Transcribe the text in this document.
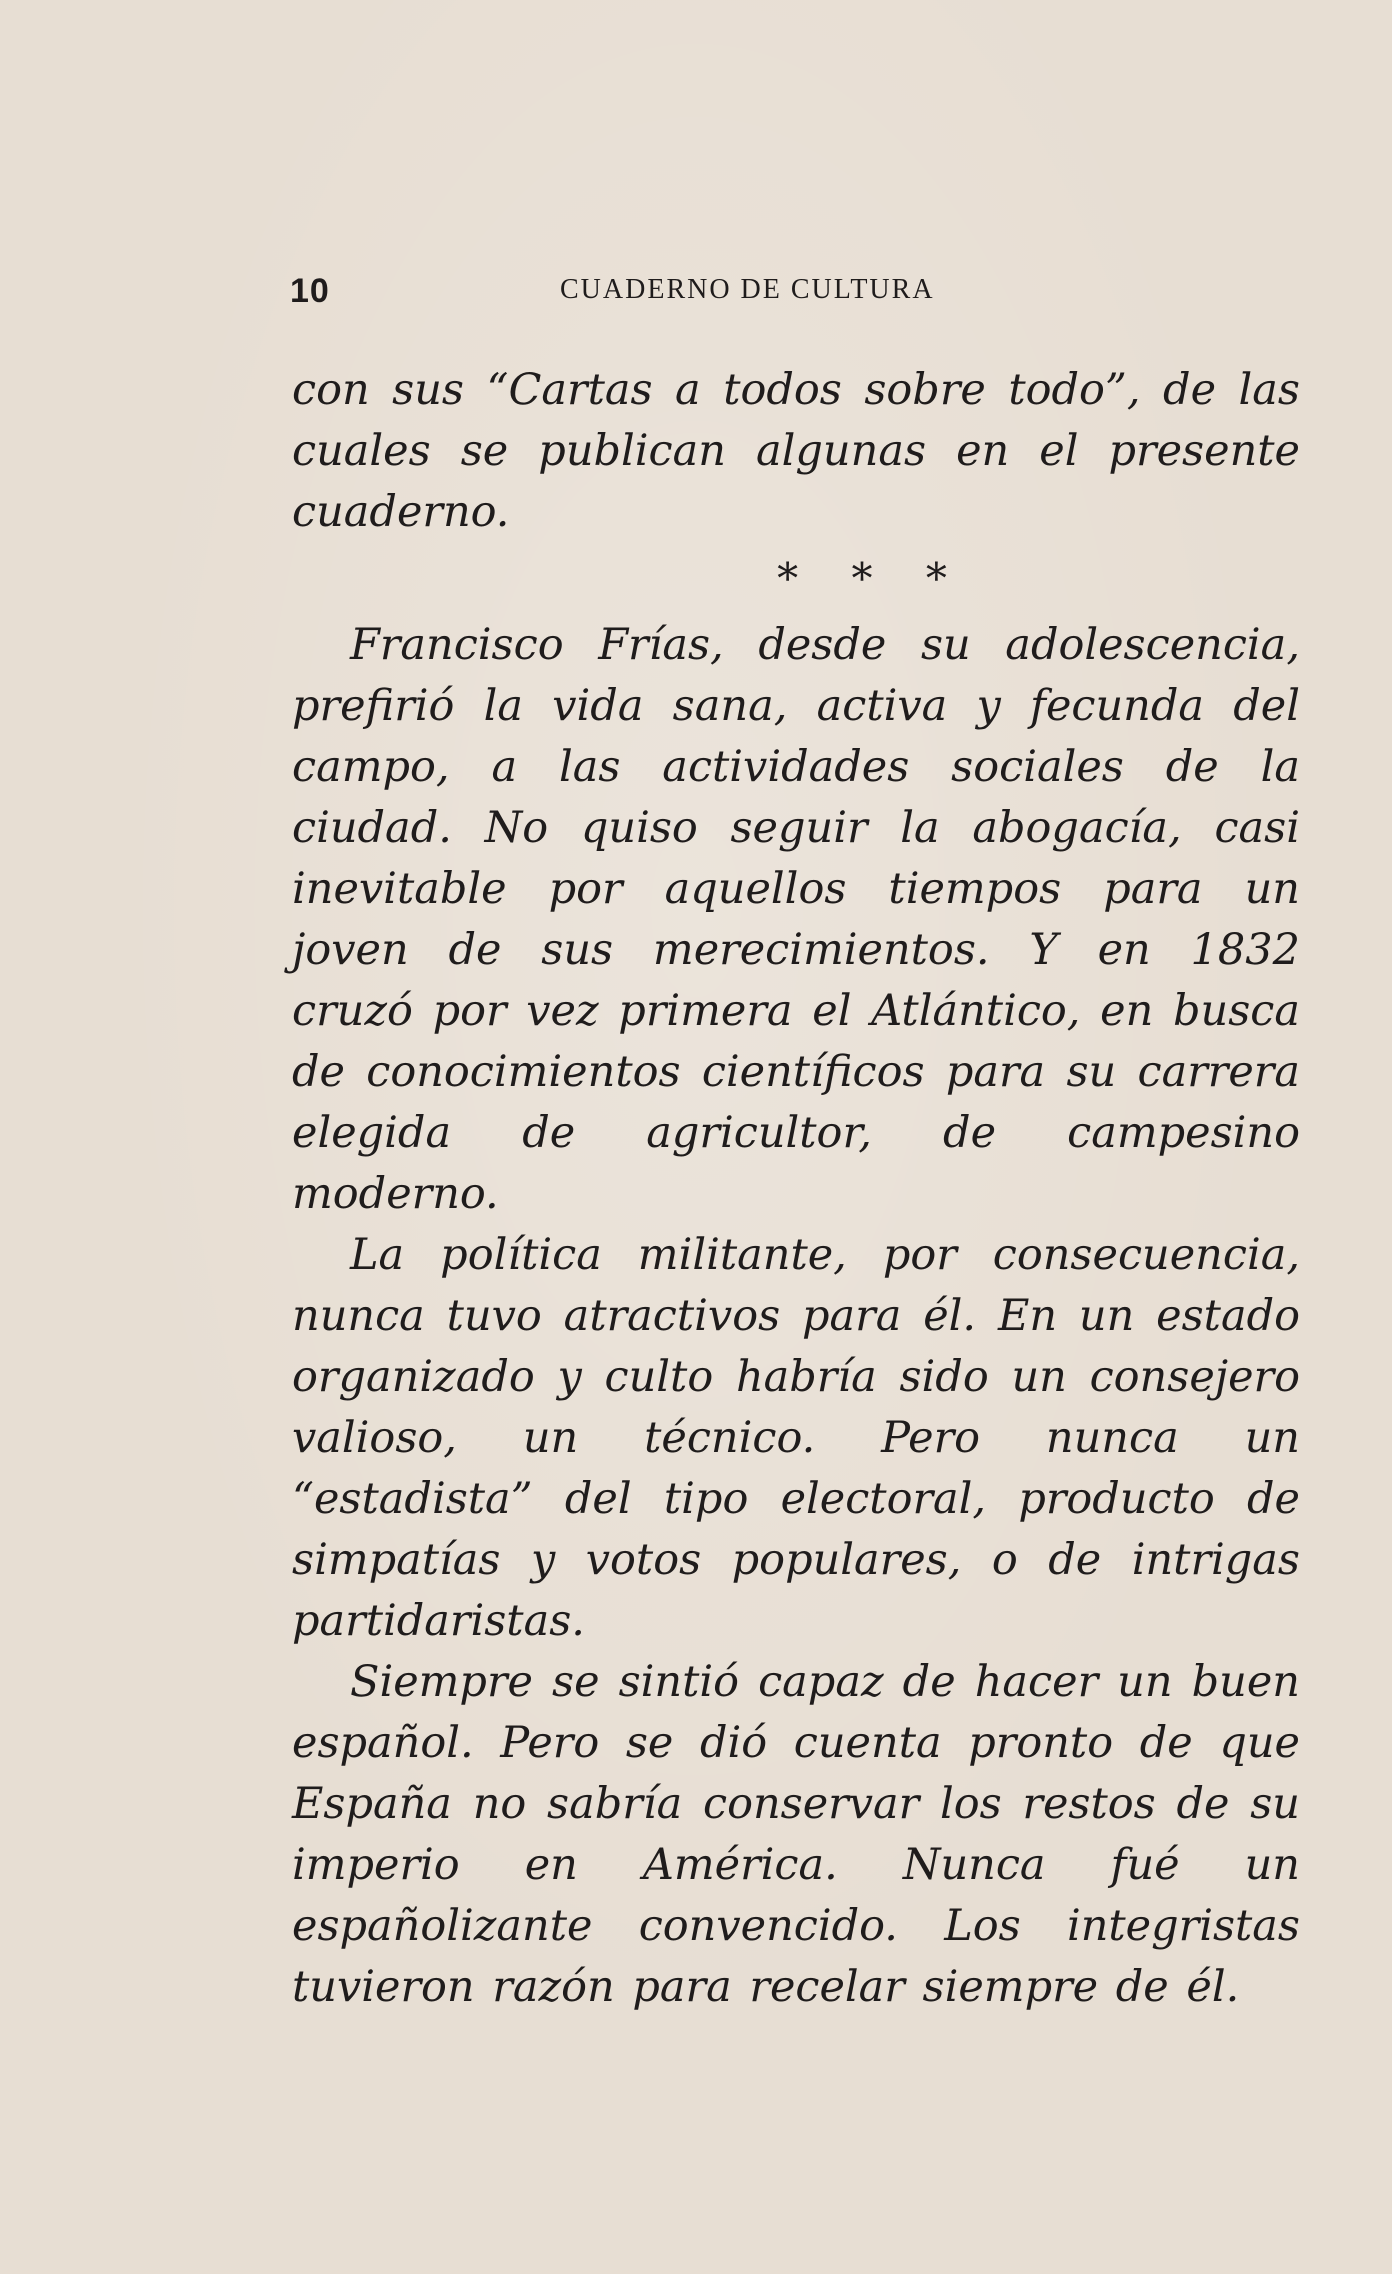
10	CUADERNO DE CULTURA

con sus “Cartas a todos sobre todo”, de las cuales se publican algunas en el presente cuaderno.

* * *

Francisco Frías, desde su adolescencia, prefirió la vida sana, activa y fecunda del campo, a las actividades sociales de la ciudad. No quiso seguir la abogacía, casi inevitable por aquellos tiempos para un joven de sus merecimientos. Y en 1832 cruzó por vez primera el Atlántico, en busca de conocimientos científicos para su carrera elegida de agricultor, de campesino moderno.

La política militante, por consecuencia, nunca tuvo atractivos para él. En un estado organizado y culto habría sido un consejero valioso, un técnico. Pero nunca un “estadista” del tipo electoral, producto de simpatías y votos populares, o de intrigas partidaristas.

Siempre se sintió capaz de hacer un buen español. Pero se dió cuenta pronto de que España no sabría conservar los restos de su imperio en América. Nunca fué un españolizante convencido. Los integristas tuvieron razón para recelar siempre de él.
